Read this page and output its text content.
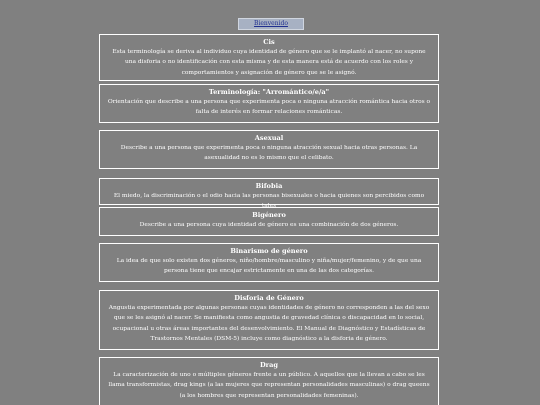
Bienvenido
Cis
Esta terminología se deriva al individuo cuya identidad de género que se le implantó al nacer, no supone una disforia o no identificación con esta misma y de esta manera está de acuerdo con los roles y comportamientos y asignación de género que se le asignó.
Terminología: "Arromántico/e/a"
Orientación que describe a una persona que experimenta poca o ninguna atracción romántica hacia otros o falta de interés en formar relaciones románticas.
Asexual
Describe a una persona que experimenta poca o ninguna atracción sexual hacia otras personas. La asexualidad no es lo mismo que el celibato.
Bifobia
El miedo, la discriminación o el odio hacia las personas bisexuales o hacia quienes son percibidos como tales
Bigénero
Describe a una persona cuya identidad de género es una combinación de dos géneros.
Binarismo de género
La idea de que solo existen dos géneros, niño/hombre/masculino y niña/mujer/femenino, y de que una persona tiene que encajar estrictamente en una de las dos categorías.
Disforia de Género
Angustia experimentada por algunas personas cuyas identidades de género no corresponden a las del sexo que se les asignó al nacer. Se manifiesta como angustia de gravedad clínica o discapacidad en lo social, ocupacional u otras áreas importantes del desenvolvimiento. El Manual de Diagnóstico y Estadísticas de Trastornos Mentales (DSM-5) incluye como diagnóstico a la disforia de género.
Drag
La caracterización de uno o múltiples géneros frente a un público. A aquellos que la llevan a cabo se les llama transformistas, drag kings (a las mujeres que representan personalidades masculinas) o drag queens (a los hombres que representan personalidades femeninas).
